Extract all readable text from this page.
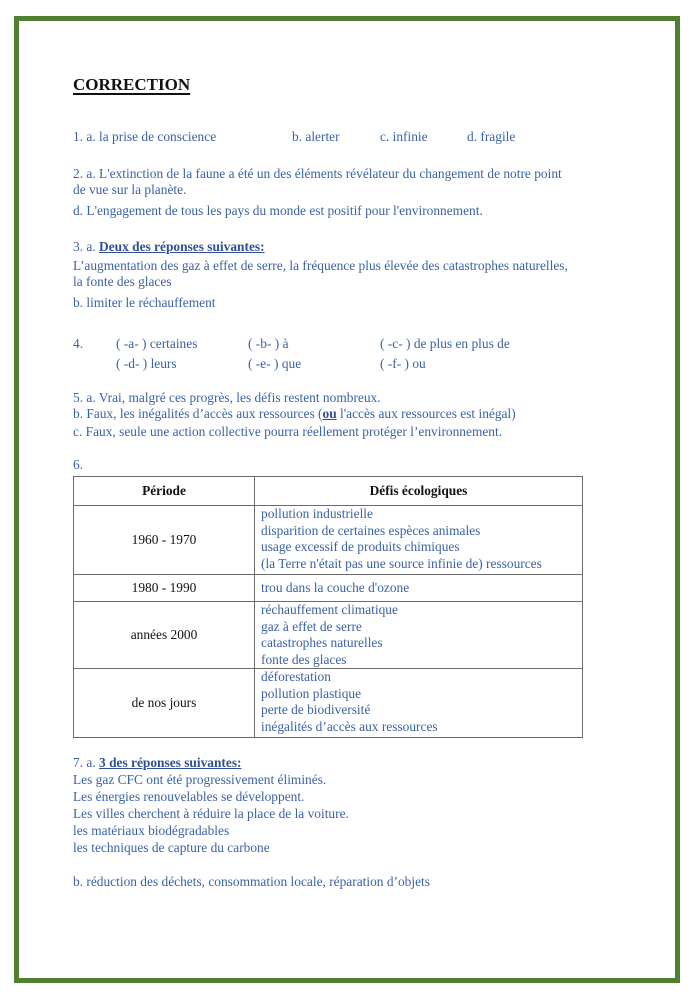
CORRECTION
1. a. la prise de conscience	b. alerter	c. infinie	d. fragile
2. a. L'extinction de la faune a été un des éléments révélateur du changement de notre point
de vue sur la planète.
d. L'engagement de tous les pays du monde est positif pour l'environnement.
3. a. Deux des réponses suivantes:
L’augmentation des gaz à effet de serre, la fréquence plus élevée des catastrophes naturelles,
la fonte des glaces
b. limiter le réchauffement
4. ( -a- ) certaines	( -b- ) à	( -c- ) de plus en plus de
( -d- ) leurs	( -e- ) que	( -f- ) ou
5. a. Vrai, malgré ces progrès, les défis restent nombreux.
b. Faux, les inégalités d’accès aux ressources (ou l'accès aux ressources est inégal)
c. Faux, seule une action collective pourra réellement protéger l’environnement.
6.
Période	Défis écologiques
1960 - 1970	pollution industrielle
disparition de certaines espèces animales
usage excessif de produits chimiques
(la Terre n'était pas une source infinie de) ressources

1980 - 1990	trou dans la couche d'ozone

années 2000	réchauffement climatique
gaz à effet de serre
catastrophes naturelles
fonte des glaces

de nos jours	déforestation
pollution plastique
perte de biodiversité
inégalités d’accès aux ressources
7. a. 3 des réponses suivantes:
Les gaz CFC ont été progressivement éliminés.
Les énergies renouvelables se développent.
Les villes cherchent à réduire la place de la voiture.
les matériaux biodégradables
les techniques de capture du carbone
b. réduction des déchets, consommation locale, réparation d’objets
